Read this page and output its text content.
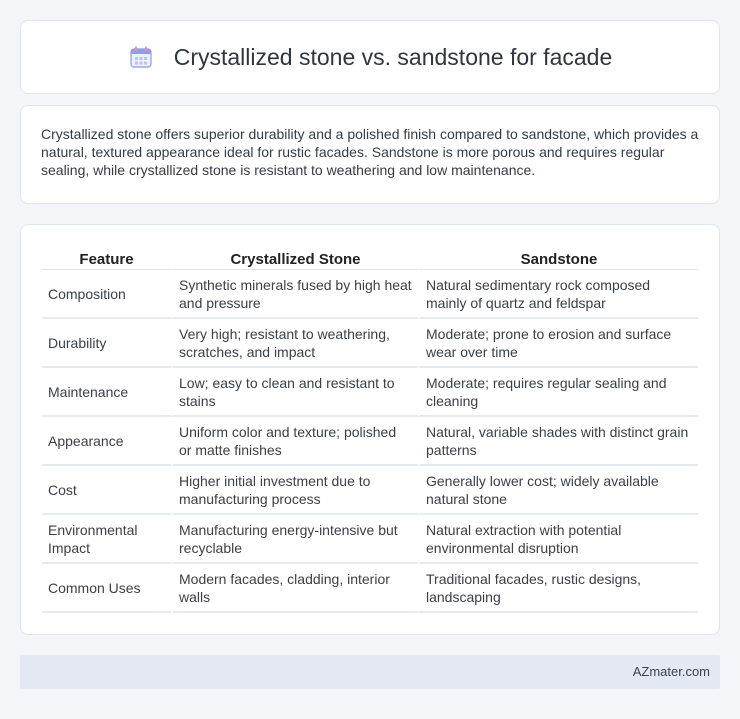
Crystallized stone vs. sandstone for facade

Crystallized stone offers superior durability and a polished finish compared to sandstone, which provides a natural, textured appearance ideal for rustic facades. Sandstone is more porous and requires regular sealing, while crystallized stone is resistant to weathering and low maintenance.

Feature	Crystallized Stone	Sandstone
Composition	Synthetic minerals fused by high heat and pressure	Natural sedimentary rock composed mainly of quartz and feldspar
Durability	Very high; resistant to weathering, scratches, and impact	Moderate; prone to erosion and surface wear over time
Maintenance	Low; easy to clean and resistant to stains	Moderate; requires regular sealing and cleaning
Appearance	Uniform color and texture; polished or matte finishes	Natural, variable shades with distinct grain patterns
Cost	Higher initial investment due to manufacturing process	Generally lower cost; widely available natural stone
Environmental Impact	Manufacturing energy-intensive but recyclable	Natural extraction with potential environmental disruption
Common Uses	Modern facades, cladding, interior walls	Traditional facades, rustic designs, landscaping
AZmater.com
